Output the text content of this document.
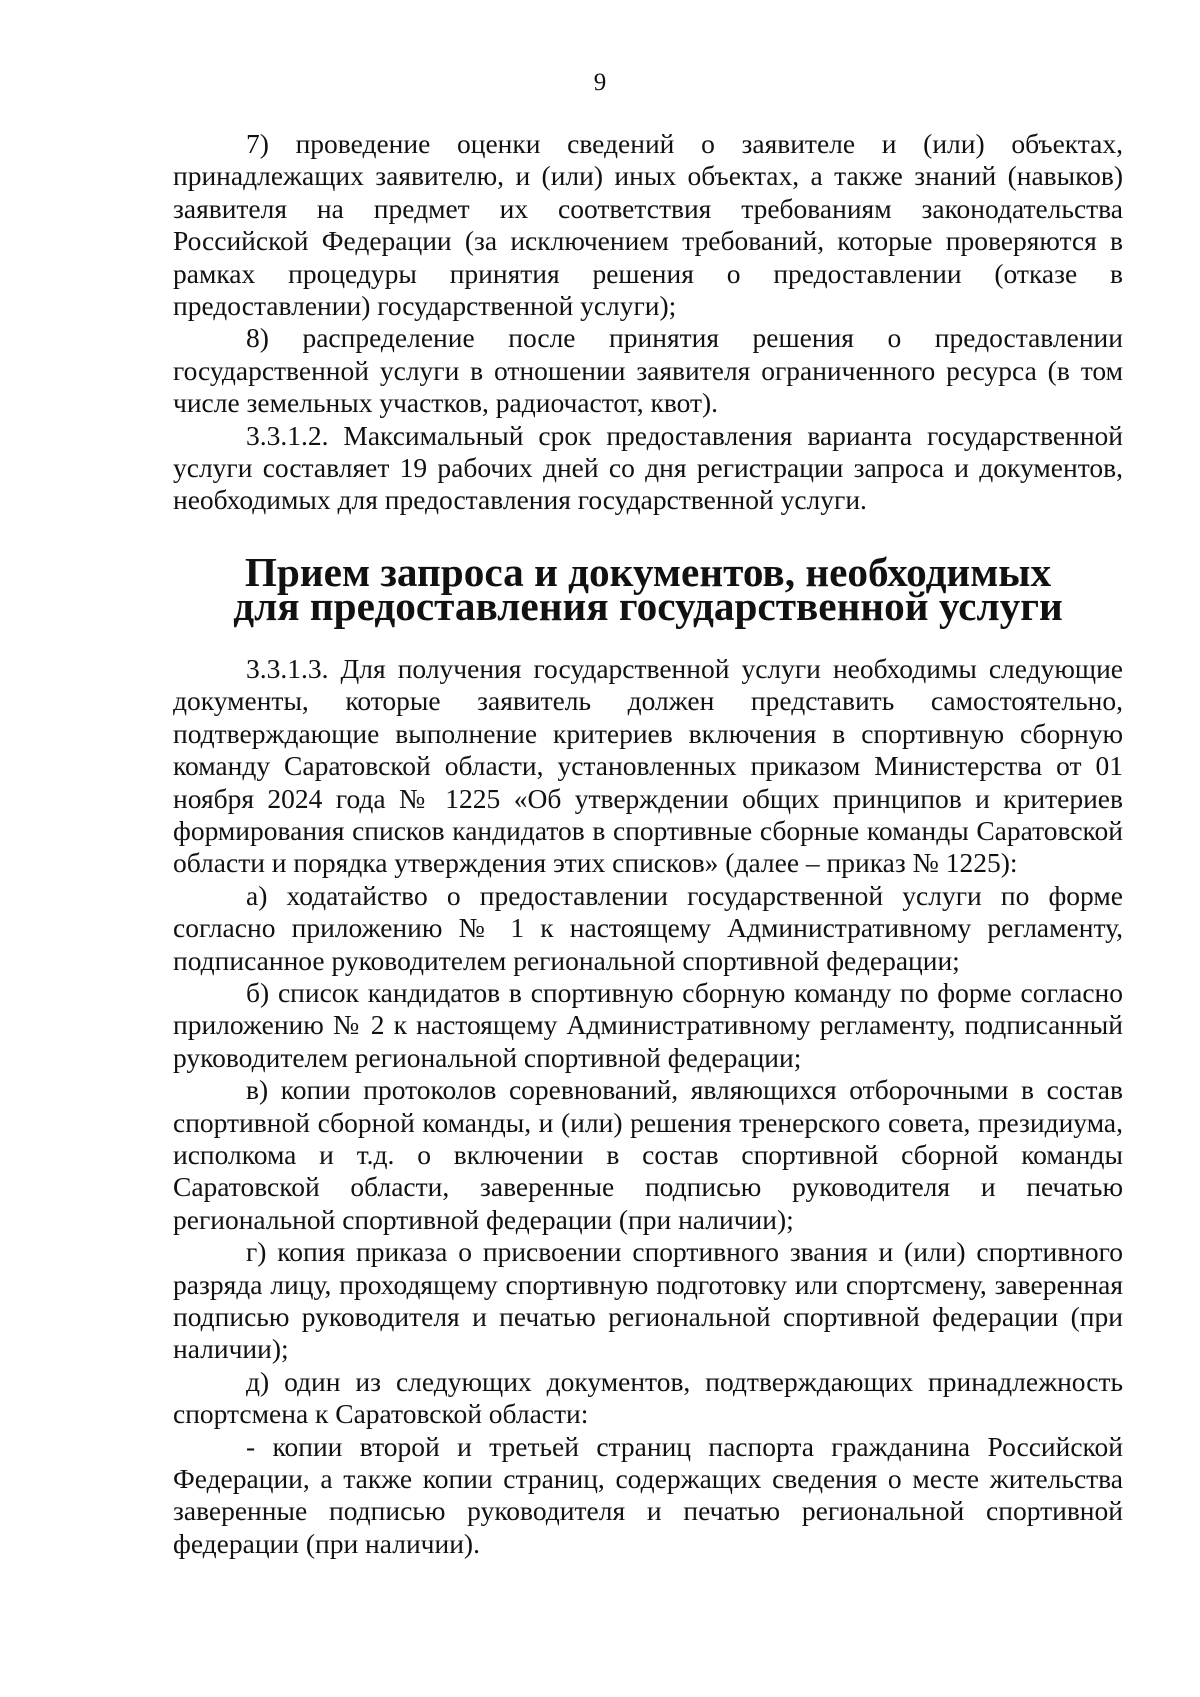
9

7) проведение оценки сведений о заявителе и (или) объектах, принадлежащих заявителю, и (или) иных объектах, а также знаний (навыков) заявителя на предмет их соответствия требованиям законодательства Российской Федерации (за исключением требований, которые проверяются в рамках процедуры принятия решения о предоставлении (отказе в предоставлении) государственной услуги);

8) распределение после принятия решения о предоставлении государственной услуги в отношении заявителя ограниченного ресурса (в том числе земельных участков, радиочастот, квот).

3.3.1.2. Максимальный срок предоставления варианта государственной услуги составляет 19 рабочих дней со дня регистрации запроса и документов, необходимых для предоставления государственной услуги.

Прием запроса и документов, необходимых для предоставления государственной услуги

3.3.1.3. Для получения государственной услуги необходимы следующие документы, которые заявитель должен представить самостоятельно, подтверждающие выполнение критериев включения в спортивную сборную команду Саратовской области, установленных приказом Министерства от 01 ноября 2024 года № 1225 «Об утверждении общих принципов и критериев формирования списков кандидатов в спортивные сборные команды Саратовской области и порядка утверждения этих списков» (далее – приказ № 1225):

а) ходатайство о предоставлении государственной услуги по форме согласно приложению № 1 к настоящему Административному регламенту, подписанное руководителем региональной спортивной федерации;

б) список кандидатов в спортивную сборную команду по форме согласно приложению № 2 к настоящему Административному регламенту, подписанный руководителем региональной спортивной федерации;

в) копии протоколов соревнований, являющихся отборочными в состав спортивной сборной команды, и (или) решения тренерского совета, президиума, исполкома и т.д. о включении в состав спортивной сборной команды Саратовской области, заверенные подписью руководителя и печатью региональной спортивной федерации (при наличии);

г) копия приказа о присвоении спортивного звания и (или) спортивного разряда лицу, проходящему спортивную подготовку или спортсмену, заверенная подписью руководителя и печатью региональной спортивной федерации (при наличии);

д) один из следующих документов, подтверждающих принадлежность спортсмена к Саратовской области:

- копии второй и третьей страниц паспорта гражданина Российской Федерации, а также копии страниц, содержащих сведения о месте жительства заверенные подписью руководителя и печатью региональной спортивной федерации (при наличии).
